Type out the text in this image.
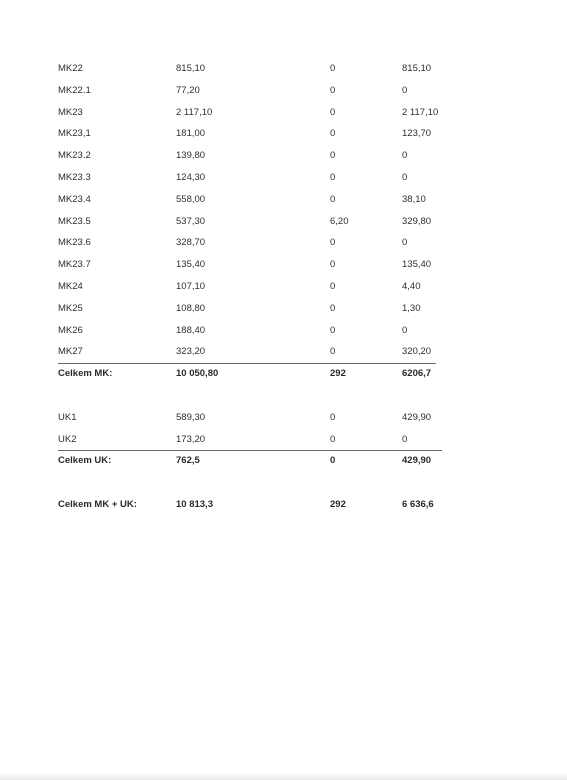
MK22	815,10	0	815,10
MK22.1	77,20	0	0
MK23	2 117,10	0	2 117,10
MK23,1	181,00	0	123,70
MK23.2	139,80	0	0
MK23.3	124,30	0	0
MK23.4	558,00	0	38,10
MK23.5	537,30	6,20	329,80
MK23.6	328,70	0	0
MK23.7	135,40	0	135,40
MK24	107,10	0	4,40
MK25	108,80	0	1,30
MK26	188,40	0	0
MK27	323,20	0	320,20
Celkem MK:	10 050,80	292	6206,7
UK1	589,30	0	429,90
UK2	173,20	0	0
Celkem UK:	762,5	0	429,90
Celkem MK + UK:	10 813,3	292	6 636,6
